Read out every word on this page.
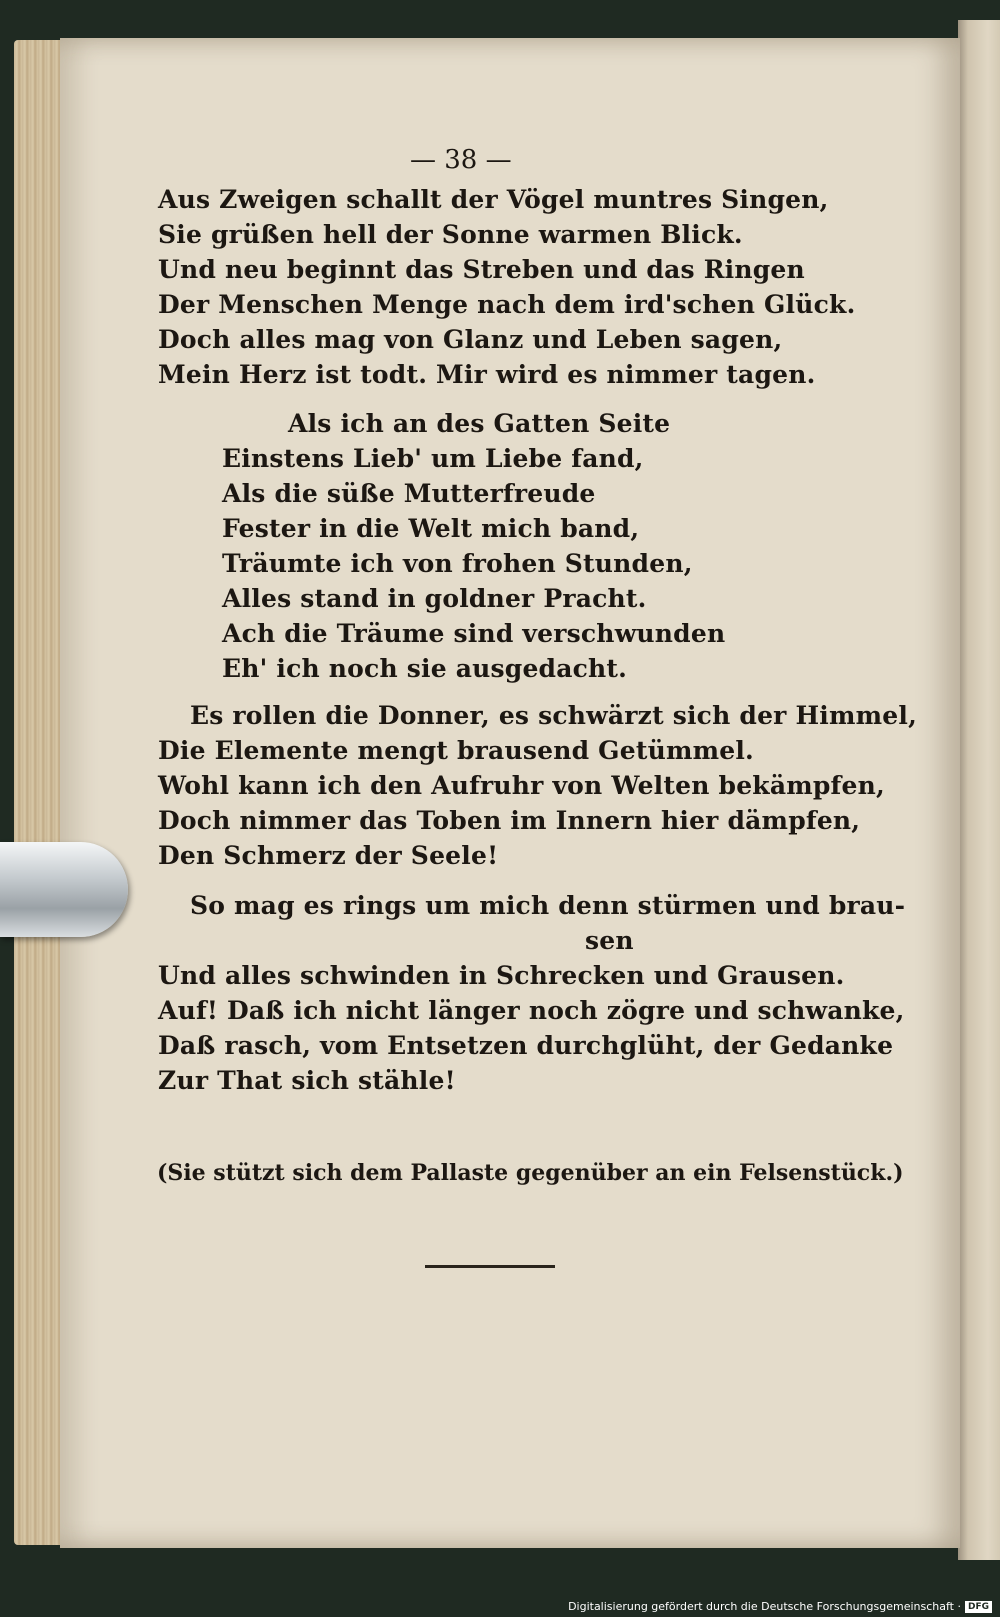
— 38 —
Aus Zweigen schallt der Vögel muntres Singen,
Sie grüßen hell der Sonne warmen Blick.
Und neu beginnt das Streben und das Ringen
Der Menschen Menge nach dem ird'schen Glück.
Doch alles mag von Glanz und Leben sagen,
Mein Herz ist todt. Mir wird es nimmer tagen.
Als ich an des Gatten Seite
Einstens Lieb' um Liebe fand,
Als die süße Mutterfreude
Fester in die Welt mich band,
Träumte ich von frohen Stunden,
Alles stand in goldner Pracht.
Ach die Träume sind verschwunden
Eh' ich noch sie ausgedacht.
Es rollen die Donner, es schwärzt sich der Himmel,
Die Elemente mengt brausend Getümmel.
Wohl kann ich den Aufruhr von Welten bekämpfen,
Doch nimmer das Toben im Innern hier dämpfen,
Den Schmerz der Seele!
So mag es rings um mich denn stürmen und brau-
sen
Und alles schwinden in Schrecken und Grausen.
Auf! Daß ich nicht länger noch zögre und schwanke,
Daß rasch, vom Entsetzen durchglüht, der Gedanke
Zur That sich stähle!
(Sie stützt sich dem Pallaste gegenüber an ein Felsenstück.)
Digitalisierung gefördert durch die Deutsche Forschungsgemeinschaft · DFG
